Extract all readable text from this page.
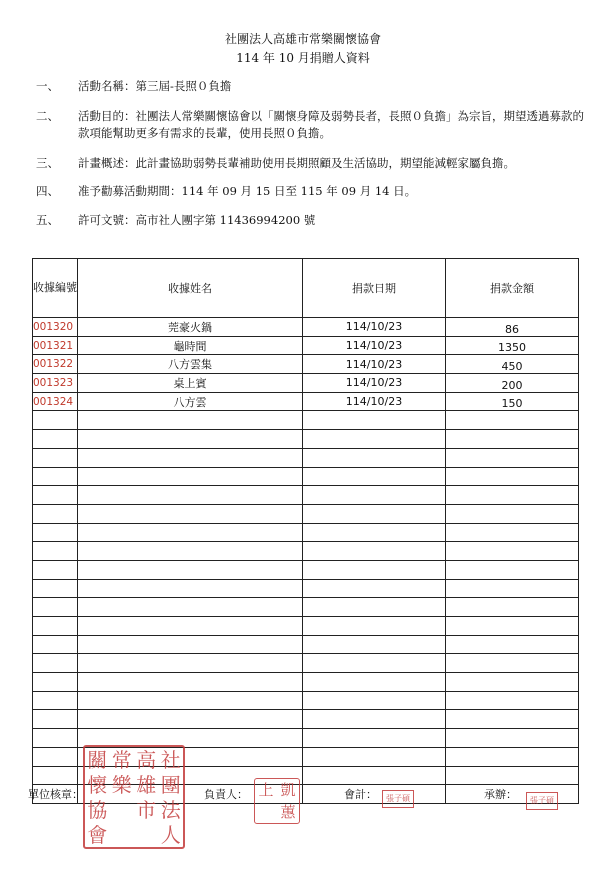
社團法人高雄市常樂關懷協會
114 年 10 月捐贈人資料
一、	活動名稱：第三屆-長照０負擔
二、	活動目的：社團法人常樂關懷協會以「關懷身障及弱勢長者，長照０負擔」為宗旨，期望透過募款的款項能幫助更多有需求的長輩，使用長照０負擔。
三、	計畫概述：此計畫協助弱勢長輩補助使用長期照顧及生活協助，期望能減輕家屬負擔。
四、	准予勸募活動期間：114 年 09 月 15 日至 115 年 09 月 14 日。
五、	許可文號：高市社人團字第 11436994200 號
收據編號	收據姓名	捐款日期	捐款金額
001320	莞豪火鍋	114/10/23	86
001321	龜時間	114/10/23	1350
001322	八方雲集	114/10/23	450
001323	桌上賓	114/10/23	200
001324	八方雲	114/10/23	150

單位核章：	負責人：	會計：	承辦：
社
團
法
人
高
雄
市
常
樂
關
懷
協
會
凱
蕙
上	張子碩	張子碩
